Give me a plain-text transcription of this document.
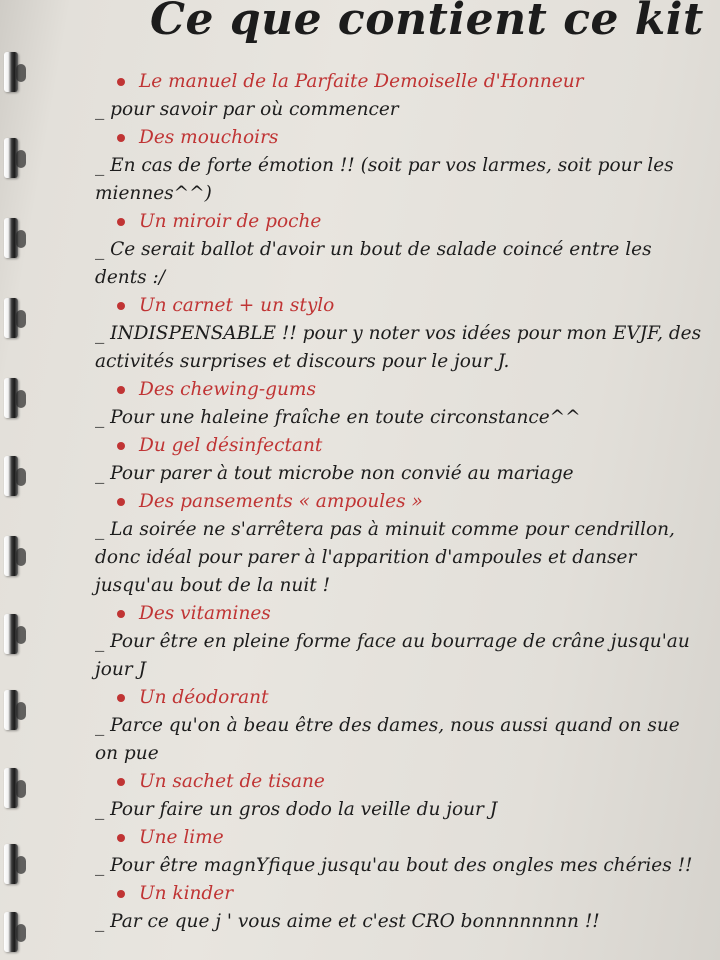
Ce que contient ce kit
Le manuel de la Parfaite Demoiselle d'Honneur
_ pour savoir par où commencer
Des mouchoirs
_ En cas de forte émotion !! (soit par vos larmes, soit pour les miennes^^)
Un miroir de poche
_ Ce serait ballot d'avoir un bout de salade coincé entre les dents :/
Un carnet + un stylo
_ INDISPENSABLE !! pour y noter vos idées pour mon EVJF, des activités surprises et discours pour le jour J.
Des chewing-gums
_ Pour une haleine fraîche en toute circonstance^^
Du gel désinfectant
_ Pour parer à tout microbe non convié au mariage
Des pansements « ampoules »
_ La soirée ne s'arrêtera pas à minuit comme pour cendrillon, donc idéal pour parer à l'apparition d'ampoules et danser jusqu'au bout de la nuit !
Des vitamines
_ Pour être en pleine forme face au bourrage de crâne jusqu'au jour J
Un déodorant
_ Parce qu'on à beau être des dames, nous aussi quand on sue on pue
Un sachet de tisane
_ Pour faire un gros dodo la veille du jour J
Une lime
_ Pour être magnYfique jusqu'au bout des ongles mes chéries !!
Un kinder
_ Par ce que j ' vous aime et c'est CRO bonnnnnnnn !!
